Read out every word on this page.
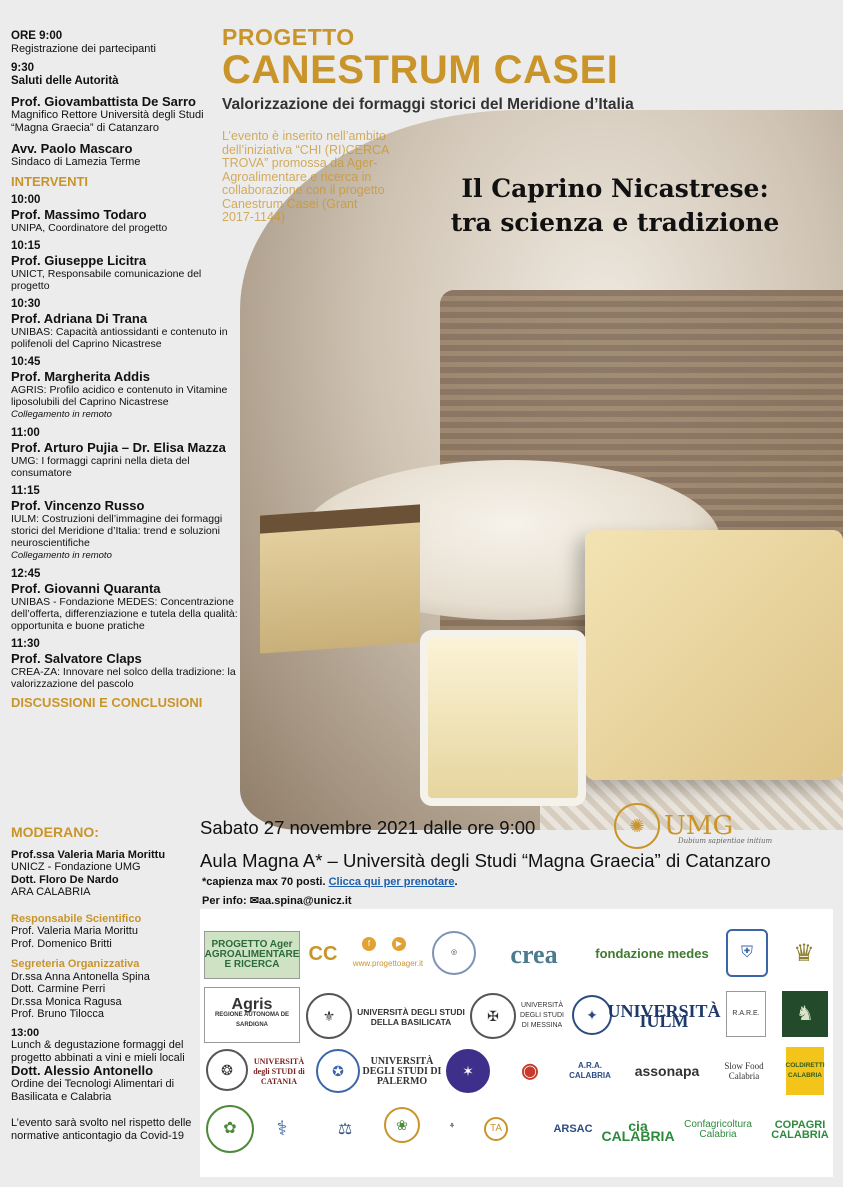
PROGETTO
CANESTRUM CASEI
Valorizzazione dei formaggi storici del Meridione d’Italia
L’evento è inserito nell’ambito dell’iniziativa “CHI (RI)CERCA TROVA” promossa da Ager-Agroalimentare e ricerca in collaborazione con il progetto Canestrum Casei (Grant 2017-1144)
Il Caprino Nicastrese:
tra scienza e tradizione
ORE 9:00
Registrazione dei partecipanti
9:30
Saluti delle Autorità
Prof. Giovambattista De Sarro
Magnifico Rettore Università degli Studi “Magna Graecia” di Catanzaro
Avv. Paolo Mascaro
Sindaco di Lamezia Terme
INTERVENTI
10:00
Prof. Massimo Todaro
UNIPA, Coordinatore del progetto
10:15
Prof. Giuseppe Licitra
UNICT, Responsabile comunicazione del progetto
10:30
Prof. Adriana Di Trana
UNIBAS: Capacità antiossidanti e contenuto in polifenoli del Caprino Nicastrese
10:45
Prof. Margherita Addis
AGRIS: Profilo acidico e contenuto in Vitamine liposolubili del Caprino Nicastrese
Collegamento in remoto
11:00
Prof. Arturo Pujia – Dr. Elisa Mazza
UMG: I formaggi caprini nella dieta del consumatore
11:15
Prof. Vincenzo Russo
IULM: Costruzioni dell’immagine dei formaggi storici del Meridione d’Italia: trend e soluzioni neuroscientifiche
Collegamento in remoto
12:45
Prof. Giovanni Quaranta
UNIBAS - Fondazione MEDES: Concentrazione dell’offerta, differenziazione e tutela della qualità: opportunita e buone pratiche
11:30
Prof. Salvatore Claps
CREA-ZA: Innovare nel solco della tradizione: la valorizzazione del pascolo
DISCUSSIONI E CONCLUSIONI
Sabato 27 novembre 2021 dalle ore 9:00	✺ UMG
Dubium sapientiae initium
Aula Magna A* – Università degli Studi “Magna Graecia” di Catanzaro
*capienza max 70 posti. Clicca qui per prenotare.
Per info: ✉aa.spina@unicz.it
MODERANO:
Prof.ssa Valeria Maria Morittu
UNICZ - Fondazione UMG
Dott. Floro De Nardo
ARA CALABRIA
Responsabile Scientifico
Prof. Valeria Maria Morittu
Prof. Domenico Britti
Segreteria Organizzativa
Dr.ssa Anna Antonella Spina
Dott. Carmine Perri
Dr.ssa Monica Ragusa
Prof. Bruno Tilocca
13:00
Lunch & degustazione formaggi del progetto abbinati a vini e mieli locali
Dott. Alessio Antonello
Ordine dei Tecnologi Alimentari di Basilicata e Calabria
L’evento sarà svolto nel rispetto delle normative anticontagio da Covid-19
PROGETTO Ager AGROALIMENTARE E RICERCA	CC	www.progettoager.it
f	▶
◎	crea	fondazione medes	⛨	♛
Agris
REGIONE AUTONOMA DE SARDIGNA
⚜	UNIVERSITÀ DEGLI STUDI DELLA BASILICATA	✠
UNIVERSITÀ DEGLI STUDI DI MESSINA
✦ UNIVERSITÀ IULM	R.A.R.E.	♞
❂
UNIVERSITÀ degli STUDI di CATANIA
✪
UNIVERSITÀ DEGLI STUDI DI PALERMO
✶	◉	A.R.A. CALABRIA	assonapa	Slow Food Calabria
COLDIRETTI CALABRIA
✿	⚕	⚖	❀	⚘	TA	ARSAC	cia CALABRIA
Confagricoltura Calabria
COPAGRI CALABRIA
